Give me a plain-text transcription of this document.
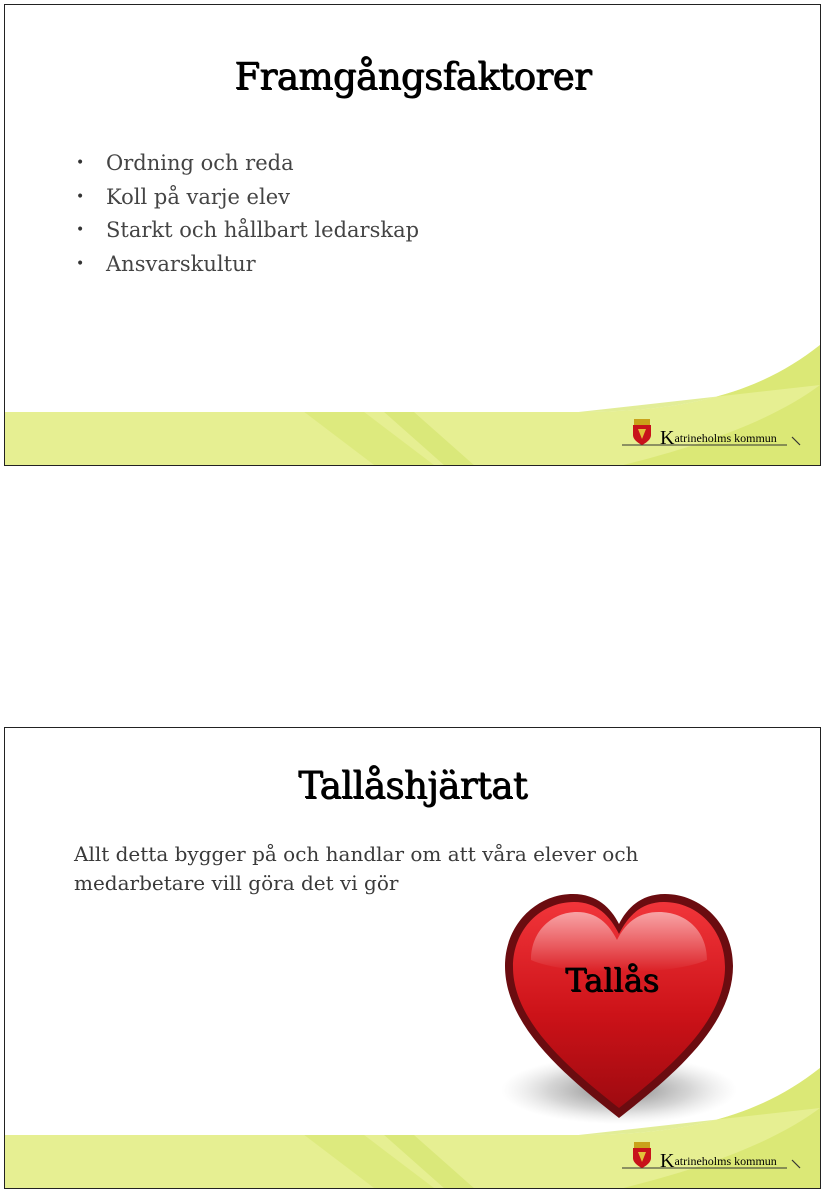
Framgångsfaktorer
• Ordning och reda
• Koll på varje elev
• Starkt och hållbart ledarskap
• Ansvarskultur
Katrineholms kommun
Tallåshjärtat

Allt detta bygger på och handlar om att våra elever och
medarbetare vill göra det vi gör

Tallås
Katrineholms kommun
